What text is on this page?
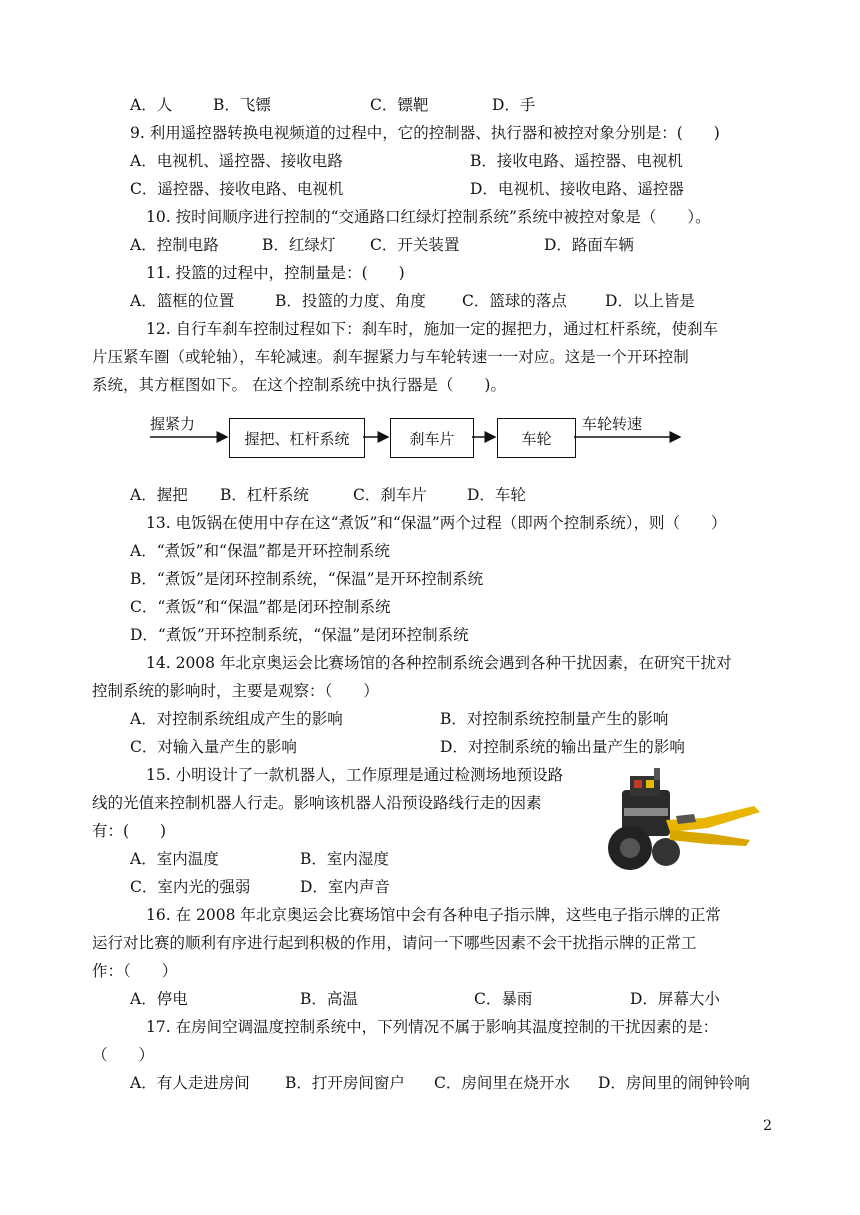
A．人	B．飞镖	C．镖靶	D．手
9. 利用遥控器转换电视频道的过程中，它的控制器、执行器和被控对象分别是：(　　)
A．电视机、遥控器、接收电路	B．接收电路、遥控器、电视机
C．遥控器、接收电路、电视机	D．电视机、接收电路、遥控器
10. 按时间顺序进行控制的“交通路口红绿灯控制系统”系统中被控对象是（　　）。
A．控制电路	B．红绿灯 C．开关装置	D．路面车辆
11. 投篮的过程中，控制量是：(　　)
A．篮框的位置	B．投篮的力度、角度 C．篮球的落点 D．以上皆是
12. 自行车刹车控制过程如下：刹车时，施加一定的握把力，通过杠杆系统，使刹车
片压紧车圈（或轮轴），车轮减速。刹车握紧力与车轮转速一一对应。这是一个开环控制
系统，其方框图如下。 在这个控制系统中执行器是（　　)。
握紧力
握把、杠杆系统	刹车片	车轮
车轮转速
A．握把 B．杠杆系统	C．刹车片	D．车轮
13. 电饭锅在使用中存在这“煮饭”和“保温”两个过程（即两个控制系统），则（　　）
A．“煮饭”和“保温”都是开环控制系统
B．“煮饭”是闭环控制系统，“保温”是开环控制系统
C．“煮饭”和“保温”都是闭环控制系统
D．“煮饭”开环控制系统，“保温”是闭环控制系统
14. 2008 年北京奥运会比赛场馆的各种控制系统会遇到各种干扰因素，在研究干扰对
控制系统的影响时，主要是观察：（　　）
A．对控制系统组成产生的影响	B．对控制系统控制量产生的影响
C．对输入量产生的影响	D．对控制系统的输出量产生的影响
15. 小明设计了一款机器人，工作原理是通过检测场地预设路
线的光值来控制机器人行走。影响该机器人沿预设路线行走的因素
有：(　　)
A．室内温度	B．室内湿度
C．室内光的强弱	D．室内声音
16. 在 2008 年北京奥运会比赛场馆中会有各种电子指示牌，这些电子指示牌的正常
运行对比赛的顺利有序进行起到积极的作用，请问一下哪些因素不会干扰指示牌的正常工
作：（　　）
A．停电	B．高温	C．暴雨	D．屏幕大小
17. 在房间空调温度控制系统中，下列情况不属于影响其温度控制的干扰因素的是：
（　　）
A．有人走进房间 B．打开房间窗户 C．房间里在烧开水 D．房间里的闹钟铃响
2
